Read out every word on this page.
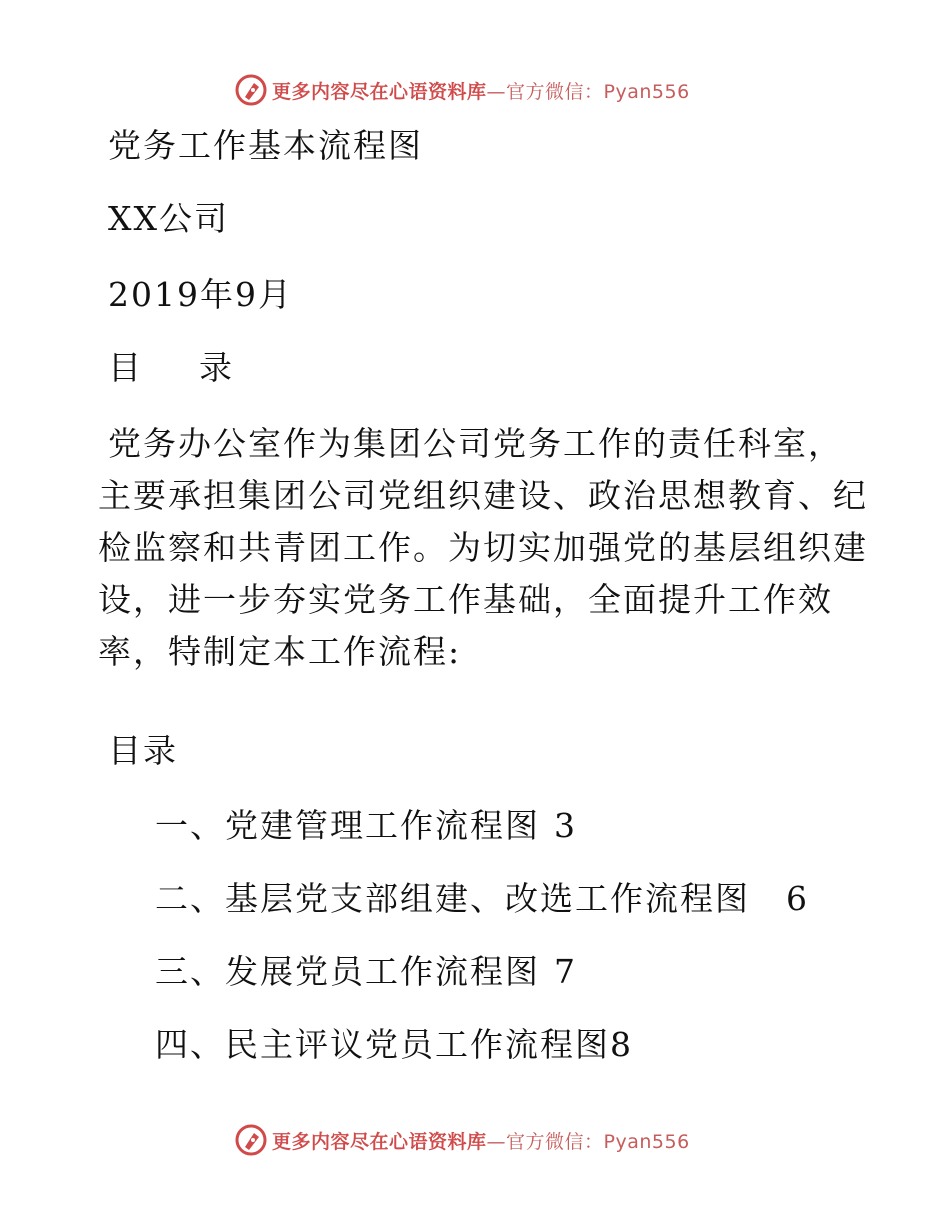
更多内容尽在心语资料库—官方微信：Pyan556
党务工作基本流程图
XX公司
2019年9月
目 录

党务办公室作为集团公司党务工作的责任科室，

主要承担集团公司党组织建设、政治思想教育、纪

检监察和共青团工作。为切实加强党的基层组织建

设，进一步夯实党务工作基础，全面提升工作效

率，特制定本工作流程:

目录
一、党建管理工作流程图 3
二、基层党支部组建、改选工作流程图 6
三、发展党员工作流程图 7
四、民主评议党员工作流程图8
更多内容尽在心语资料库—官方微信：Pyan556
